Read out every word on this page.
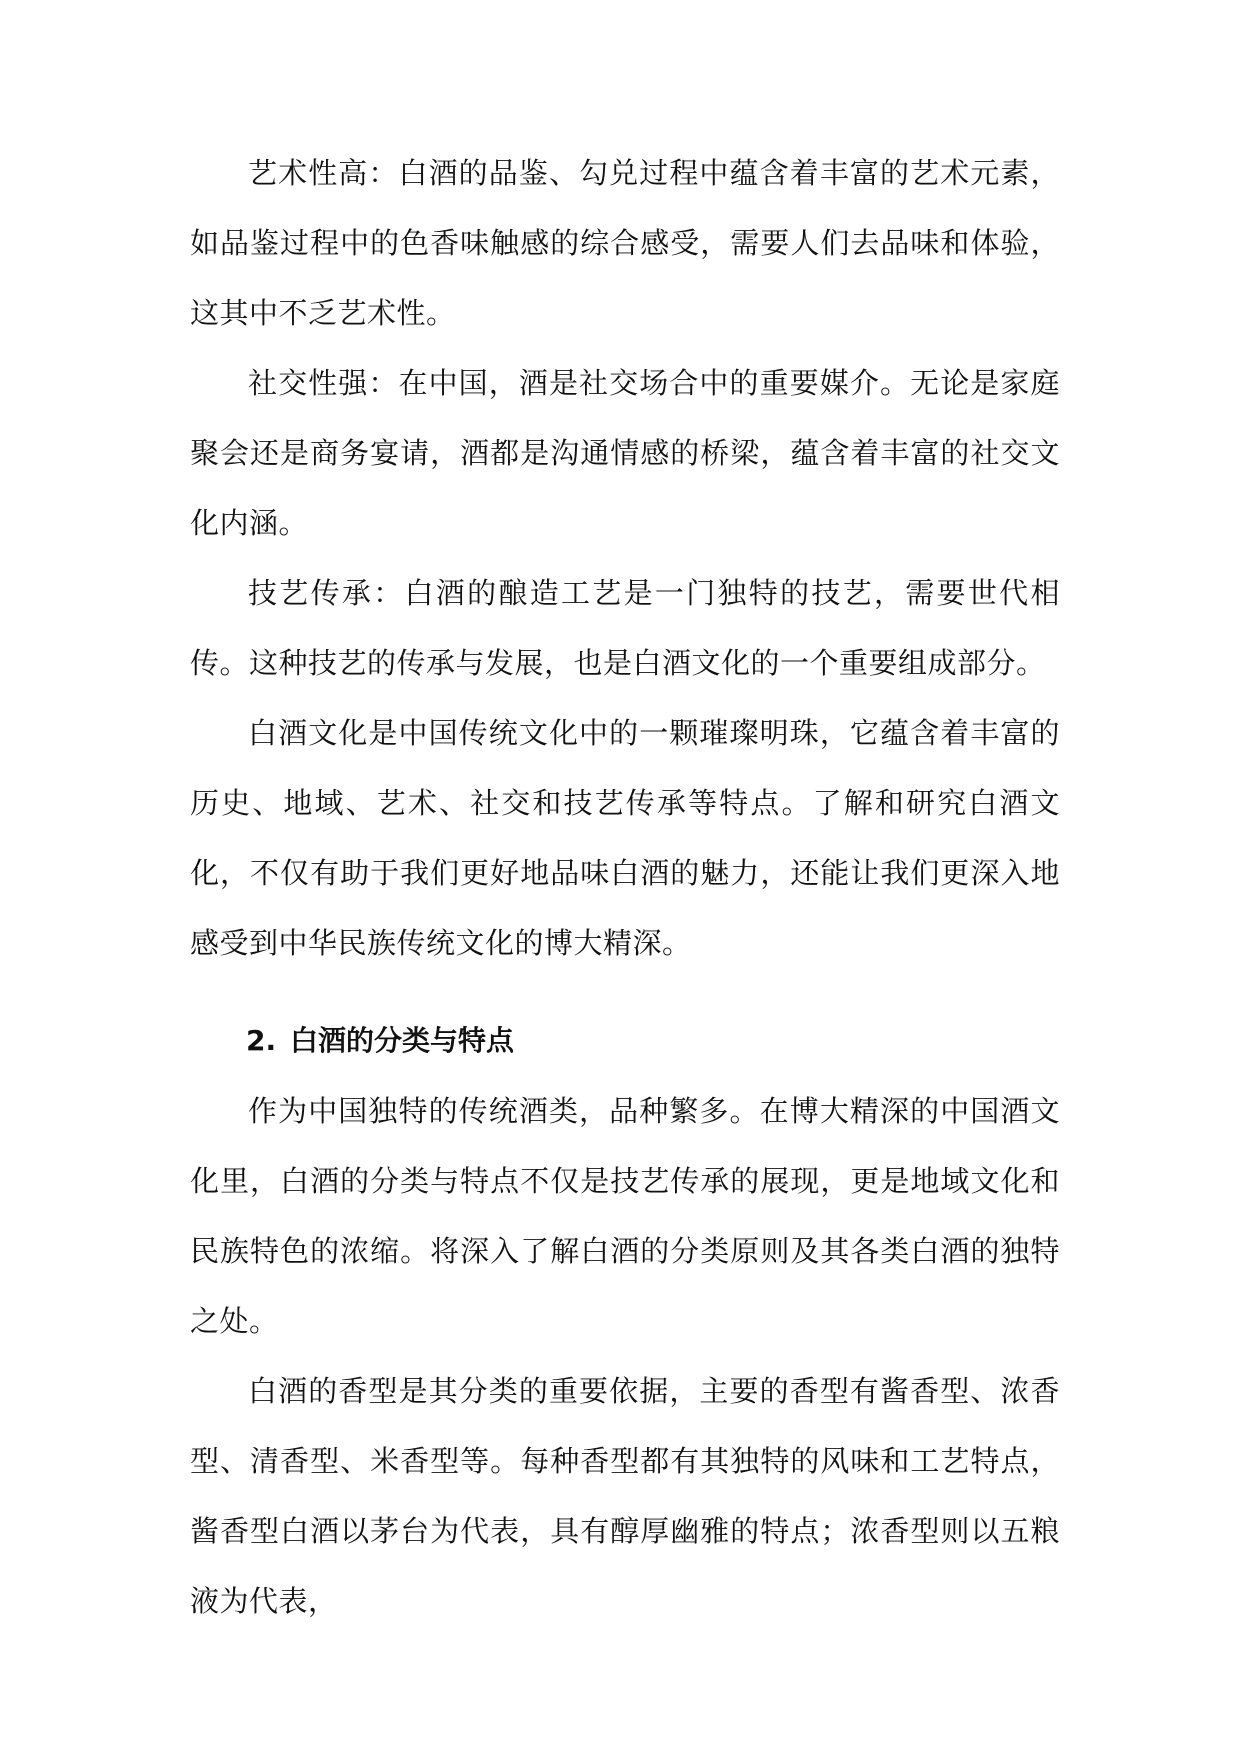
艺术性高：白酒的品鉴、勾兑过程中蕴含着丰富的艺术元素，如品鉴过程中的色香味触感的综合感受，需要人们去品味和体验，这其中不乏艺术性。

社交性强：在中国，酒是社交场合中的重要媒介。无论是家庭聚会还是商务宴请，酒都是沟通情感的桥梁，蕴含着丰富的社交文化内涵。

技艺传承：白酒的酿造工艺是一门独特的技艺，需要世代相传。这种技艺的传承与发展，也是白酒文化的一个重要组成部分。

白酒文化是中国传统文化中的一颗璀璨明珠，它蕴含着丰富的历史、地域、艺术、社交和技艺传承等特点。了解和研究白酒文化，不仅有助于我们更好地品味白酒的魅力，还能让我们更深入地感受到中华民族传统文化的博大精深。

2. 白酒的分类与特点

作为中国独特的传统酒类，品种繁多。在博大精深的中国酒文化里，白酒的分类与特点不仅是技艺传承的展现，更是地域文化和民族特色的浓缩。将深入了解白酒的分类原则及其各类白酒的独特之处。

白酒的香型是其分类的重要依据，主要的香型有酱香型、浓香型、清香型、米香型等。每种香型都有其独特的风味和工艺特点，酱香型白酒以茅台为代表，具有醇厚幽雅的特点；浓香型则以五粮液为代表，
